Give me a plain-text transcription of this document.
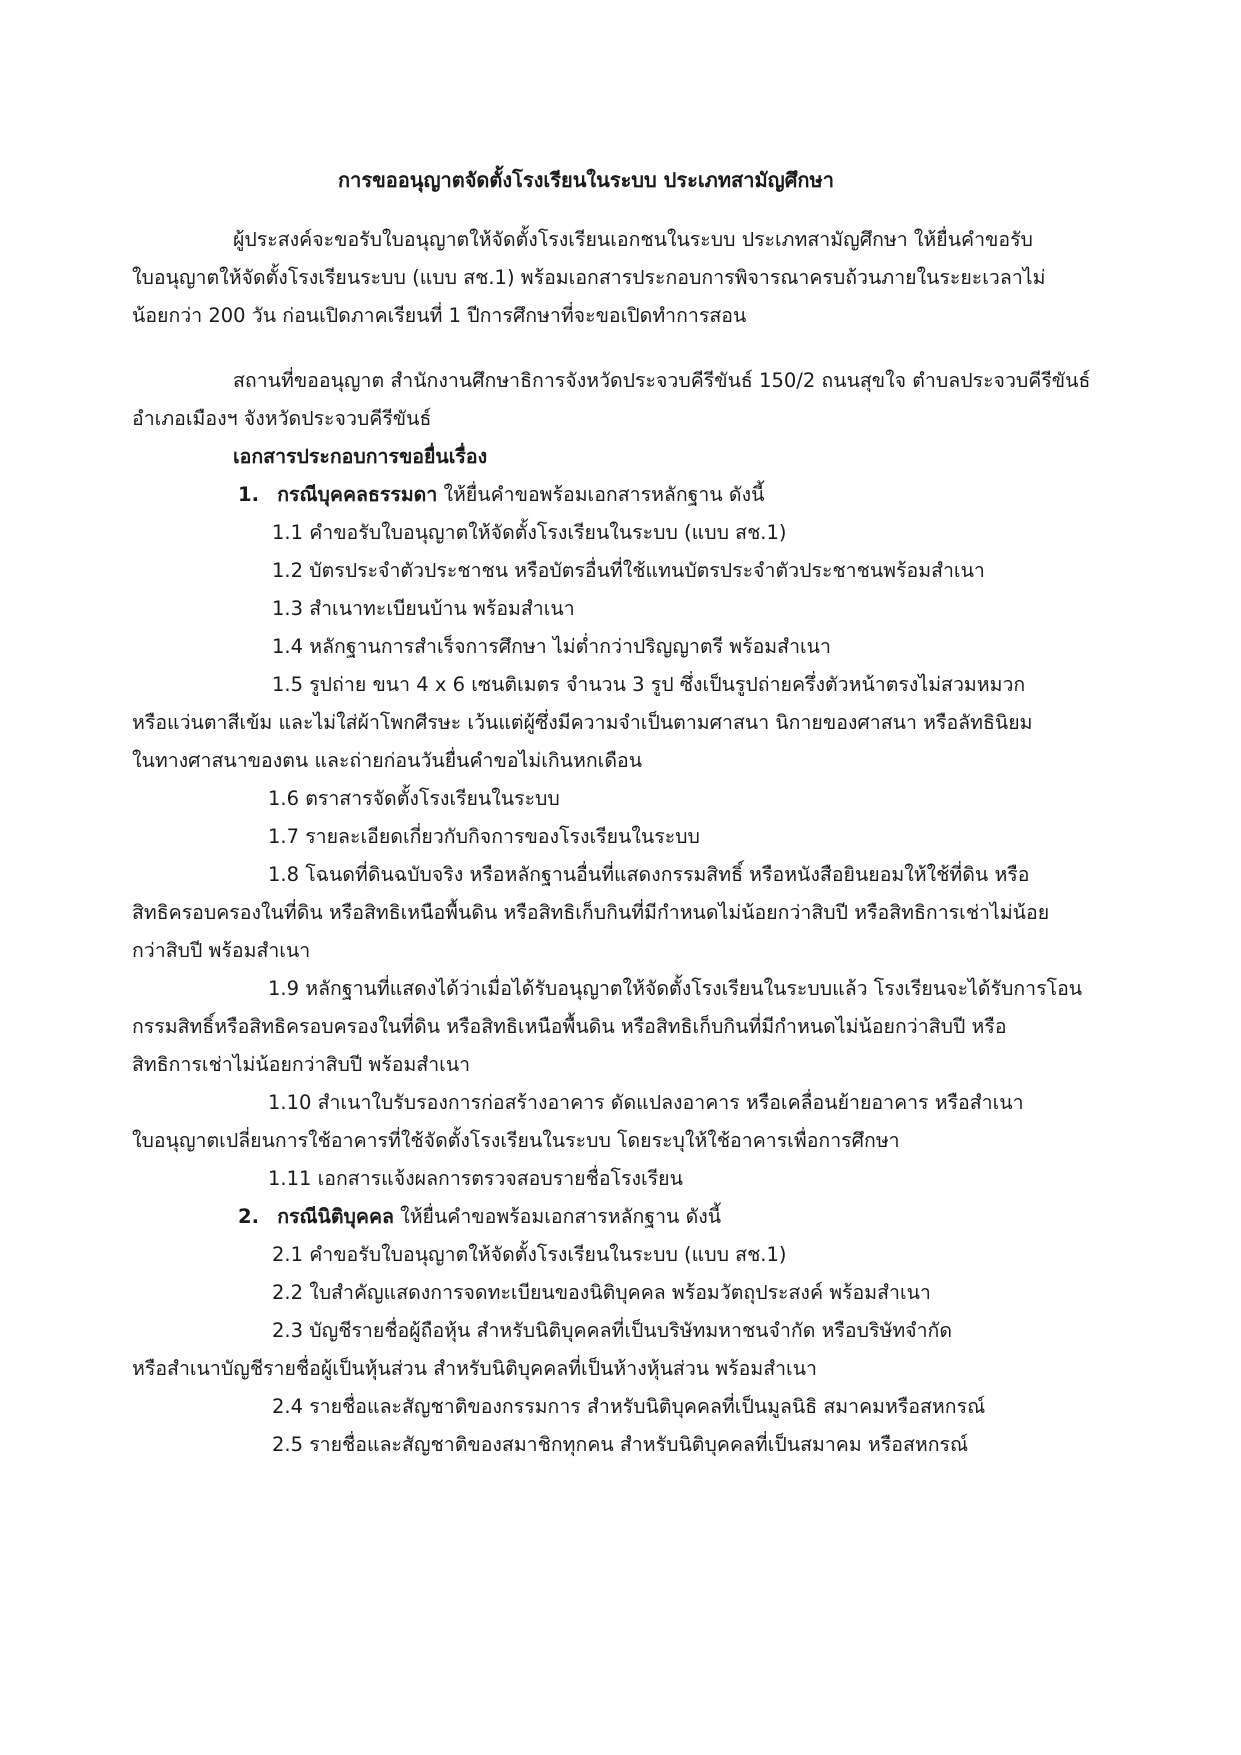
การขออนุญาตจัดตั้งโรงเรียนในระบบ ประเภทสามัญศึกษา
ผู้ประสงค์จะขอรับใบอนุญาตให้จัดตั้งโรงเรียนเอกชนในระบบ ประเภทสามัญศึกษา ให้ยื่นคำขอรับ
ใบอนุญาตให้จัดตั้งโรงเรียนระบบ (แบบ สช.1) พร้อมเอกสารประกอบการพิจารณาครบถ้วนภายในระยะเวลาไม่
น้อยกว่า 200 วัน ก่อนเปิดภาคเรียนที่ 1 ปีการศึกษาที่จะขอเปิดทำการสอน
สถานที่ขออนุญาต สำนักงานศึกษาธิการจังหวัดประจวบคีรีขันธ์ 150/2 ถนนสุขใจ ตำบลประจวบคีรีขันธ์
อำเภอเมืองฯ จังหวัดประจวบคีรีขันธ์
เอกสารประกอบการขอยื่นเรื่อง
1. กรณีบุคคลธรรมดา ให้ยื่นคำขอพร้อมเอกสารหลักฐาน ดังนี้
1.1 คำขอรับใบอนุญาตให้จัดตั้งโรงเรียนในระบบ (แบบ สช.1)
1.2 บัตรประจำตัวประชาชน หรือบัตรอื่นที่ใช้แทนบัตรประจำตัวประชาชนพร้อมสำเนา
1.3 สำเนาทะเบียนบ้าน พร้อมสำเนา
1.4 หลักฐานการสำเร็จการศึกษา ไม่ต่ำกว่าปริญญาตรี พร้อมสำเนา
1.5 รูปถ่าย ขนา 4 x 6 เซนติเมตร จำนวน 3 รูป ซึ่งเป็นรูปถ่ายครึ่งตัวหน้าตรงไม่สวมหมวก
หรือแว่นตาสีเข้ม และไม่ใส่ผ้าโพกศีรษะ เว้นแต่ผู้ซึ่งมีความจำเป็นตามศาสนา นิกายของศาสนา หรือลัทธินิยม
ในทางศาสนาของตน และถ่ายก่อนวันยื่นคำขอไม่เกินหกเดือน
1.6 ตราสารจัดตั้งโรงเรียนในระบบ
1.7 รายละเอียดเกี่ยวกับกิจการของโรงเรียนในระบบ
1.8 โฉนดที่ดินฉบับจริง หรือหลักฐานอื่นที่แสดงกรรมสิทธิ์ หรือหนังสือยินยอมให้ใช้ที่ดิน หรือ
สิทธิครอบครองในที่ดิน หรือสิทธิเหนือพื้นดิน หรือสิทธิเก็บกินที่มีกำหนดไม่น้อยกว่าสิบปี หรือสิทธิการเช่าไม่น้อย
กว่าสิบปี พร้อมสำเนา
1.9 หลักฐานที่แสดงได้ว่าเมื่อได้รับอนุญาตให้จัดตั้งโรงเรียนในระบบแล้ว โรงเรียนจะได้รับการโอน
กรรมสิทธิ์หรือสิทธิครอบครองในที่ดิน หรือสิทธิเหนือพื้นดิน หรือสิทธิเก็บกินที่มีกำหนดไม่น้อยกว่าสิบปี หรือ
สิทธิการเช่าไม่น้อยกว่าสิบปี พร้อมสำเนา
1.10 สำเนาใบรับรองการก่อสร้างอาคาร ดัดแปลงอาคาร หรือเคลื่อนย้ายอาคาร หรือสำเนา
ใบอนุญาตเปลี่ยนการใช้อาคารที่ใช้จัดตั้งโรงเรียนในระบบ โดยระบุให้ใช้อาคารเพื่อการศึกษา
1.11 เอกสารแจ้งผลการตรวจสอบรายชื่อโรงเรียน
2. กรณีนิติบุคคล ให้ยื่นคำขอพร้อมเอกสารหลักฐาน ดังนี้
2.1 คำขอรับใบอนุญาตให้จัดตั้งโรงเรียนในระบบ (แบบ สช.1)
2.2 ใบสำคัญแสดงการจดทะเบียนของนิติบุคคล พร้อมวัตถุประสงค์ พร้อมสำเนา
2.3 บัญชีรายชื่อผู้ถือหุ้น สำหรับนิติบุคคลที่เป็นบริษัทมหาชนจำกัด หรือบริษัทจำกัด
หรือสำเนาบัญชีรายชื่อผู้เป็นหุ้นส่วน สำหรับนิติบุคคลที่เป็นห้างหุ้นส่วน พร้อมสำเนา
2.4 รายชื่อและสัญชาติของกรรมการ สำหรับนิติบุคคลที่เป็นมูลนิธิ สมาคมหรือสหกรณ์
2.5 รายชื่อและสัญชาติของสมาชิกทุกคน สำหรับนิติบุคคลที่เป็นสมาคม หรือสหกรณ์
